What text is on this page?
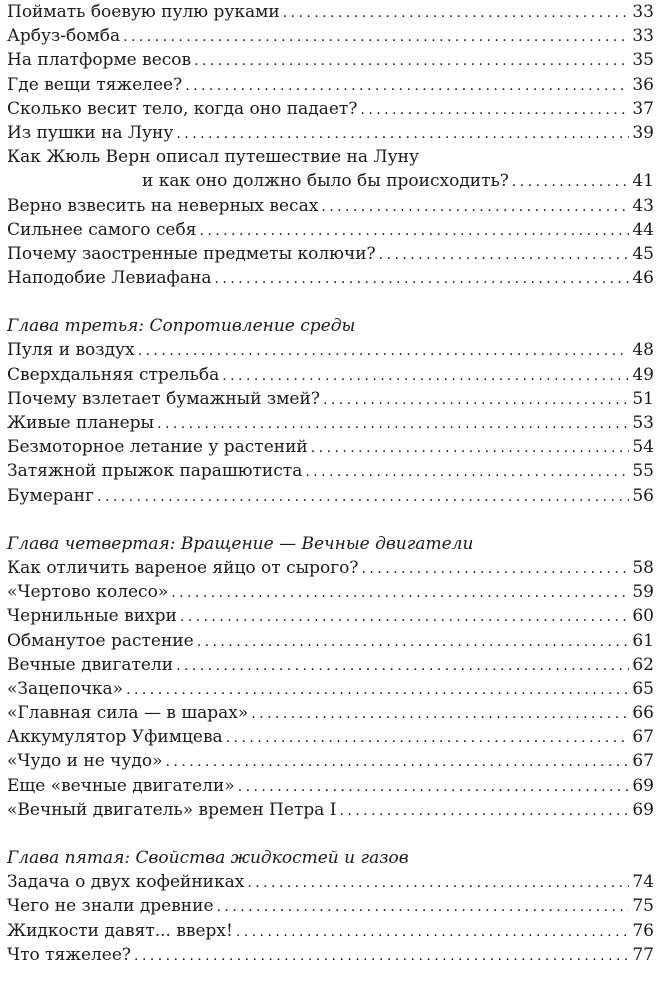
Поймать боевую пулю руками . . .	33
Арбуз-бомба . . .	33
На платформе весов . . .	35
Где вещи тяжелее? . . .	36
Сколько весит тело, когда оно падает? . . .	37
Из пушки на Луну . . .	39
Как Жюль Верн описал путешествие на Луну
и как оно должно было бы происходить? . . .	41
Верно взвесить на неверных весах . . .	43
Сильнее самого себя . . .	44
Почему заостренные предметы колючи? . . .	45
Наподобие Левиафана . . .	46
Глава третья: Сопротивление среды
Пуля и воздух . . .	48
Сверхдальняя стрельба . . .	49
Почему взлетает бумажный змей? . . .	51
Живые планеры . . .	53
Безмоторное летание у растений . . .	54
Затяжной прыжок парашютиста . . .	55
Бумеранг . . .	56
Глава четвертая: Вращение — Вечные двигатели
Как отличить вареное яйцо от сырого? . . .	58
«Чертово колесо» . . .	59
Чернильные вихри . . .	60
Обманутое растение . . .	61
Вечные двигатели . . .	62
«Зацепочка» . . .	65
«Главная сила — в шарах» . . .	66
Аккумулятор Уфимцева . . .	67
«Чудо и не чудо» . . .	67
Еще «вечные двигатели» . . .	69
«Вечный двигатель» времен Петра I . . .	69
Глава пятая: Свойства жидкостей и газов
Задача о двух кофейниках . . .	74
Чего не знали древние . . .	75
Жидкости давят... вверх! . . .	76
Что тяжелее? . . .	77
